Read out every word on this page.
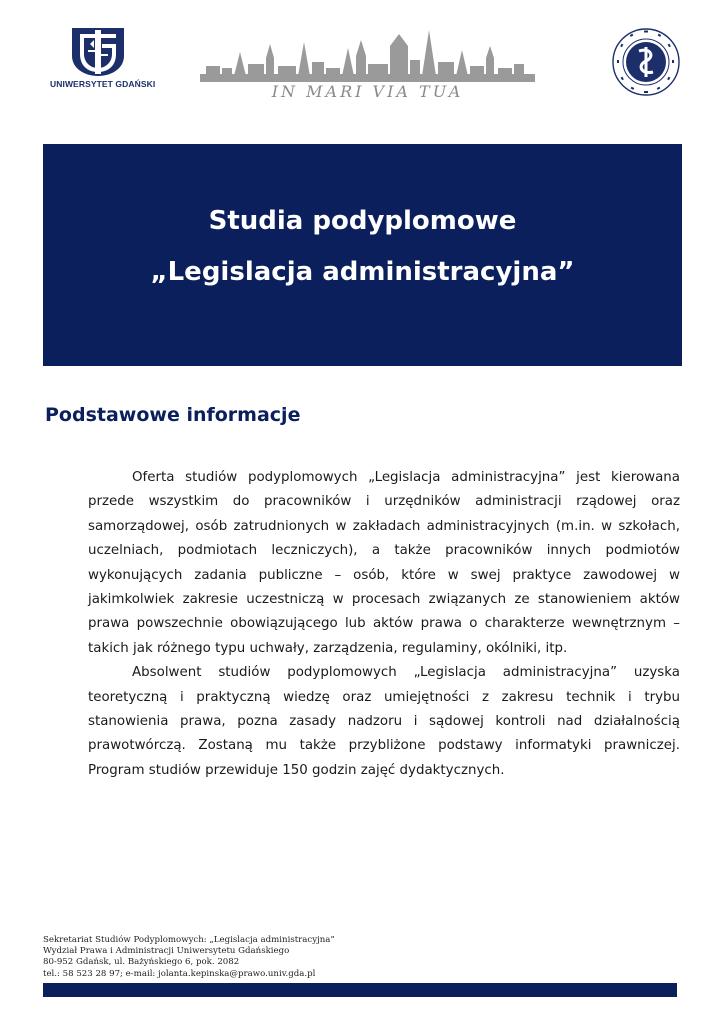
UNIWERSYTET GDAŃSKI	IN MARI VIA TUA
Studia podyplomowe
„Legislacja administracyjna”
Podstawowe informacje

Oferta studiów podyplomowych „Legislacja administracyjna” jest kierowana przede wszystkim do pracowników i urzędników administracji rządowej oraz samorządowej, osób zatrudnionych w zakładach administracyjnych (m.in. w szkołach, uczelniach, podmiotach leczniczych), a także pracowników innych podmiotów wykonujących zadania publiczne – osób, które w swej praktyce zawodowej w jakimkolwiek zakresie uczestniczą w procesach związanych ze stanowieniem aktów prawa powszechnie obowiązującego lub aktów prawa o charakterze wewnętrznym – takich jak różnego typu uchwały, zarządzenia, regulaminy, okólniki, itp.

Absolwent studiów podyplomowych „Legislacja administracyjna” uzyska teoretyczną i praktyczną wiedzę oraz umiejętności z zakresu technik i trybu stanowienia prawa, pozna zasady nadzoru i sądowej kontroli nad działalnością prawotwórczą. Zostaną mu także przybliżone podstawy informatyki prawniczej. Program studiów przewiduje 150 godzin zajęć dydaktycznych.

Sekretariat Studiów Podyplomowych: „Legislacja administracyjna”
Wydział Prawa i Administracji Uniwersytetu Gdańskiego
80-952 Gdańsk, ul. Bażyńskiego 6, pok. 2082
tel.: 58 523 28 97; e-mail: jolanta.kepinska@prawo.univ.gda.pl
